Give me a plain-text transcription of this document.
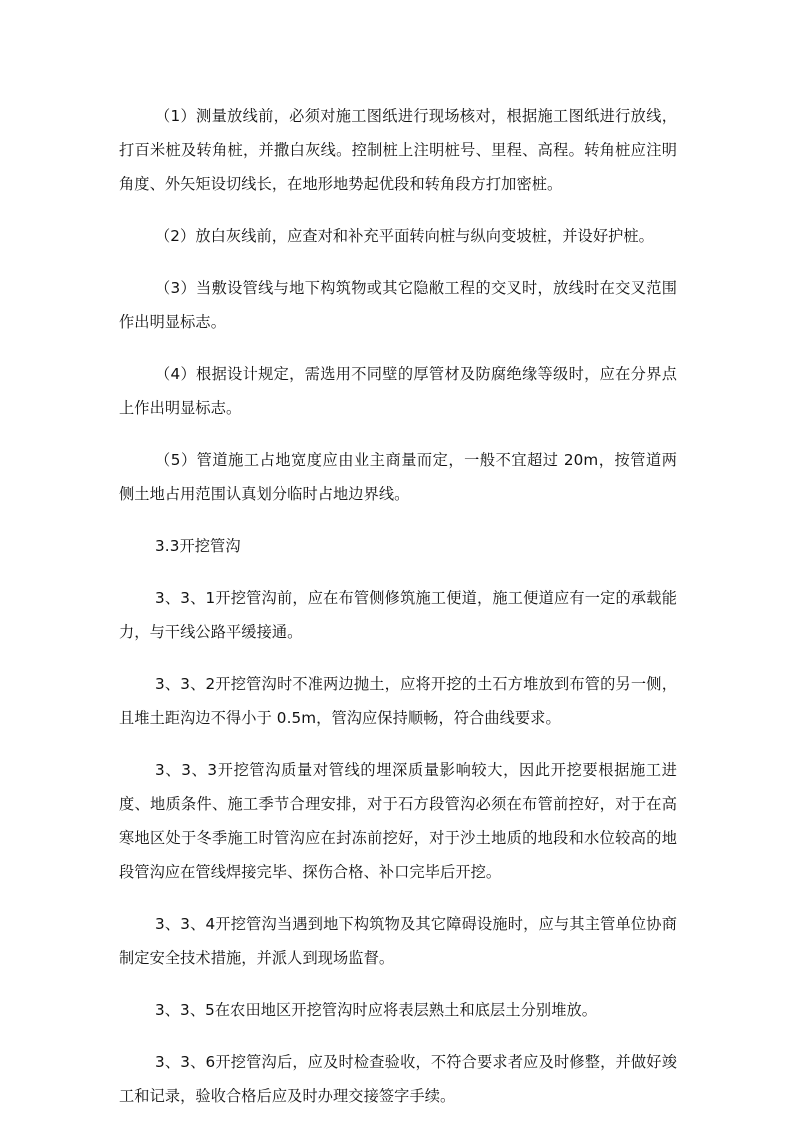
（1）测量放线前，必须对施工图纸进行现场核对，根据施工图纸进行放线，打百米桩及转角桩，并撒白灰线。控制桩上注明桩号、里程、高程。转角桩应注明角度、外矢矩设切线长，在地形地势起优段和转角段方打加密桩。

（2）放白灰线前，应查对和补充平面转向桩与纵向变坡桩，并设好护桩。

（3）当敷设管线与地下构筑物或其它隐敝工程的交叉时，放线时在交叉范围作出明显标志。

（4）根据设计规定，需选用不同壁的厚管材及防腐绝缘等级时，应在分界点上作出明显标志。

（5）管道施工占地宽度应由业主商量而定，一般不宜超过 20m，按管道两侧土地占用范围认真划分临时占地边界线。

3.3开挖管沟

3、3、1开挖管沟前，应在布管侧修筑施工便道，施工便道应有一定的承载能力，与干线公路平缓接通。

3、3、2开挖管沟时不准两边抛土，应将开挖的土石方堆放到布管的另一侧，且堆土距沟边不得小于 0.5m，管沟应保持顺畅，符合曲线要求。

3、3、3开挖管沟质量对管线的埋深质量影响较大，因此开挖要根据施工进度、地质条件、施工季节合理安排，对于石方段管沟必须在布管前控好，对于在高寒地区处于冬季施工时管沟应在封冻前挖好，对于沙土地质的地段和水位较高的地段管沟应在管线焊接完毕、探伤合格、补口完毕后开挖。

3、3、4开挖管沟当遇到地下构筑物及其它障碍设施时，应与其主管单位协商制定安全技术措施，并派人到现场监督。

3、3、5在农田地区开挖管沟时应将表层熟土和底层土分别堆放。

3、3、6开挖管沟后，应及时检查验收，不符合要求者应及时修整，并做好竣工和记录，验收合格后应及时办理交接签字手续。
